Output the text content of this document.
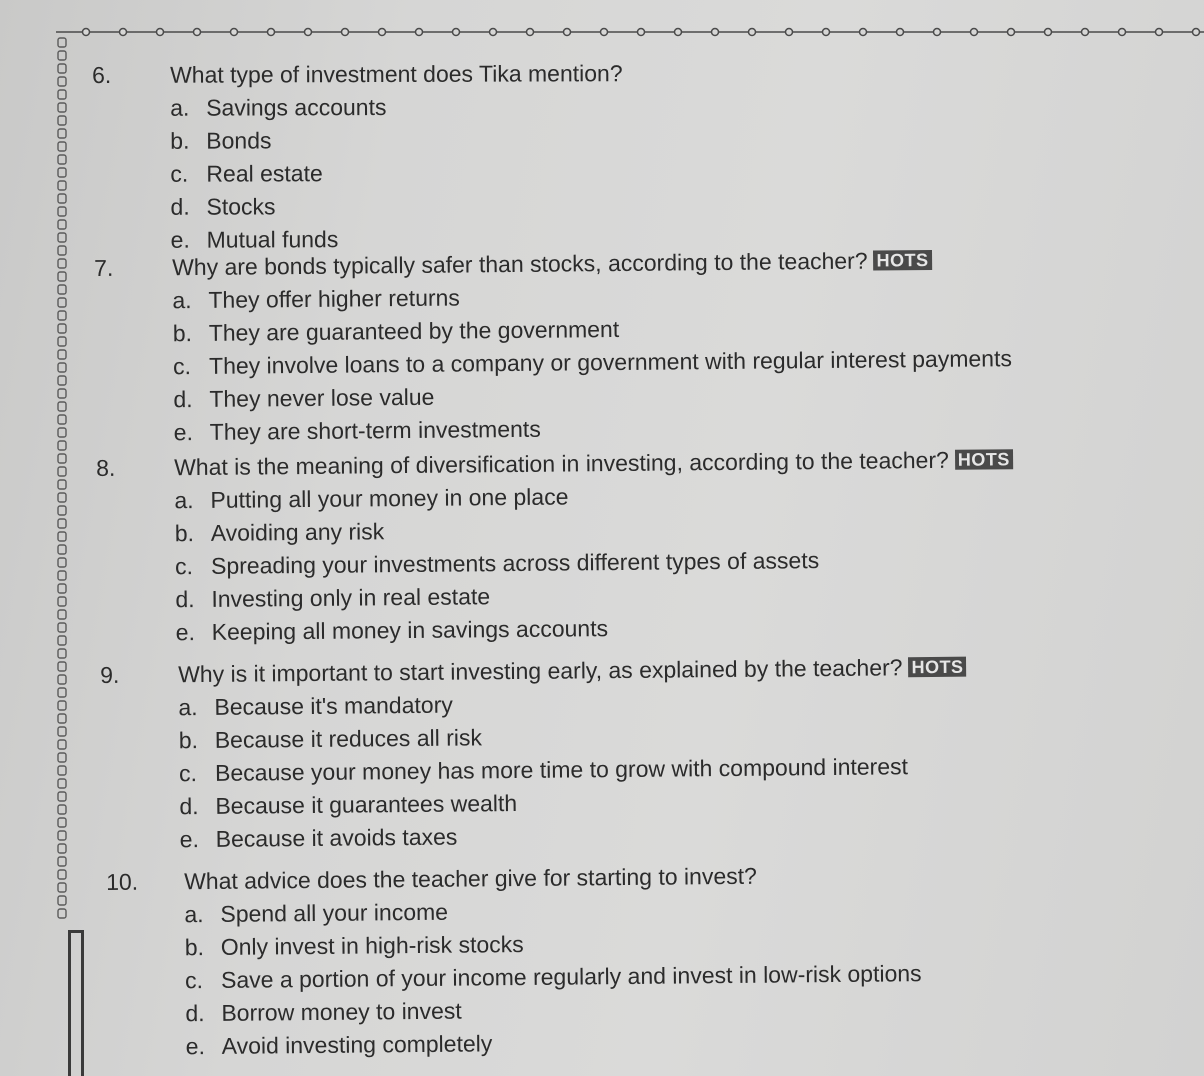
6.	What type of investment does Tika mention?
a. Savings accounts
b. Bonds
c. Real estate
d. Stocks
e. Mutual funds
7.	Why are bonds typically safer than stocks, according to the teacher? HOTS
a. They offer higher returns
b. They are guaranteed by the government
c. They involve loans to a company or government with regular interest payments
d. They never lose value
e. They are short-term investments
8.	What is the meaning of diversification in investing, according to the teacher? HOTS
a. Putting all your money in one place
b. Avoiding any risk
c. Spreading your investments across different types of assets
d. Investing only in real estate
e. Keeping all money in savings accounts
9.	Why is it important to start investing early, as explained by the teacher? HOTS
a. Because it's mandatory
b. Because it reduces all risk
c. Because your money has more time to grow with compound interest
d. Because it guarantees wealth
e. Because it avoids taxes
10. What advice does the teacher give for starting to invest?
a. Spend all your income
b. Only invest in high-risk stocks
c. Save a portion of your income regularly and invest in low-risk options
d. Borrow money to invest
e. Avoid investing completely
